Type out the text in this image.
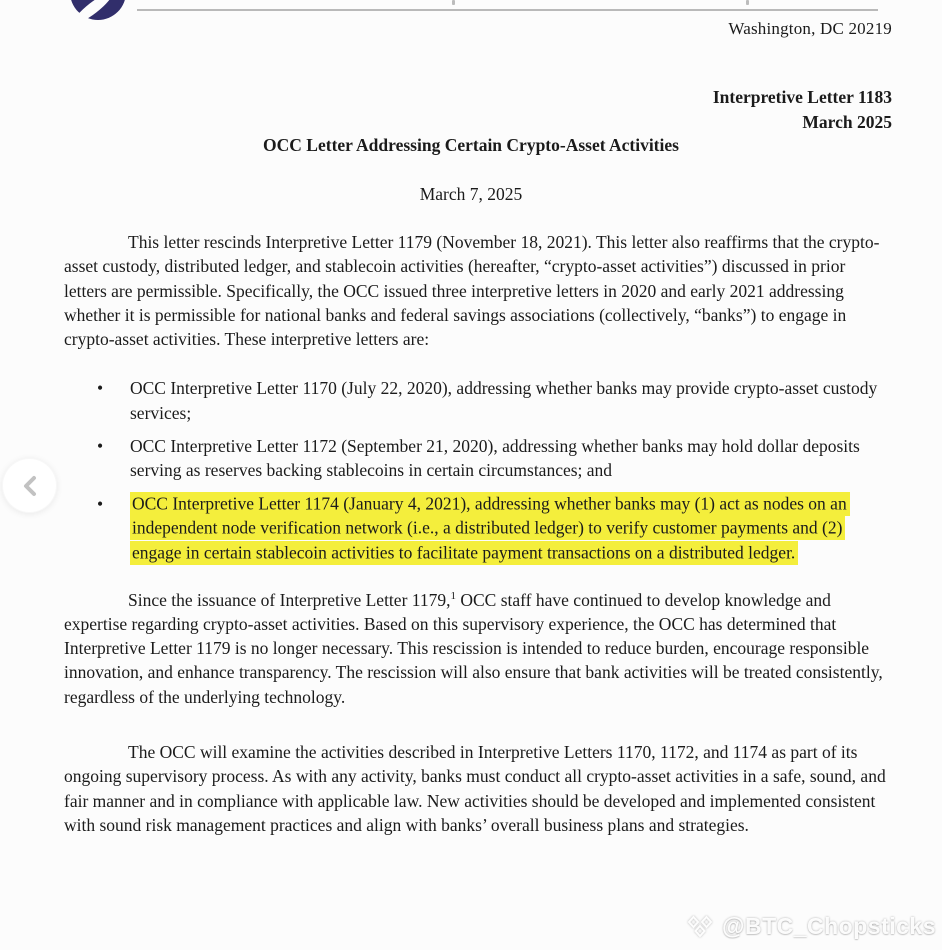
Washington, DC 20219
Interpretive Letter 1183
March 2025
OCC Letter Addressing Certain Crypto-Asset Activities
March 7, 2025

This letter rescinds Interpretive Letter 1179 (November 18, 2021). This letter also reaffirms that the crypto-asset custody, distributed ledger, and stablecoin activities (hereafter, “crypto-asset activities”) discussed in prior letters are permissible. Specifically, the OCC issued three interpretive letters in 2020 and early 2021 addressing whether it is permissible for national banks and federal savings associations (collectively, “banks”) to engage in crypto-asset activities. These interpretive letters are:

• OCC Interpretive Letter 1170 (July 22, 2020), addressing whether banks may provide crypto-asset custody services;
• OCC Interpretive Letter 1172 (September 21, 2020), addressing whether banks may hold dollar deposits serving as reserves backing stablecoins in certain circumstances; and
• OCC Interpretive Letter 1174 (January 4, 2021), addressing whether banks may (1) act as nodes on an independent node verification network (i.e., a distributed ledger) to verify customer payments and (2) engage in certain stablecoin activities to facilitate payment transactions on a distributed ledger.

Since the issuance of Interpretive Letter 1179,$^1$ OCC staff have continued to develop knowledge and expertise regarding crypto-asset activities. Based on this supervisory experience, the OCC has determined that Interpretive Letter 1179 is no longer necessary. This rescission is intended to reduce burden, encourage responsible innovation, and enhance transparency. The rescission will also ensure that bank activities will be treated consistently, regardless of the underlying technology.

The OCC will examine the activities described in Interpretive Letters 1170, 1172, and 1174 as part of its ongoing supervisory process. As with any activity, banks must conduct all crypto-asset activities in a safe, sound, and fair manner and in compliance with applicable law. New activities should be developed and implemented consistent with sound risk management practices and align with banks’ overall business plans and strategies.

@BTC_Chopsticks
